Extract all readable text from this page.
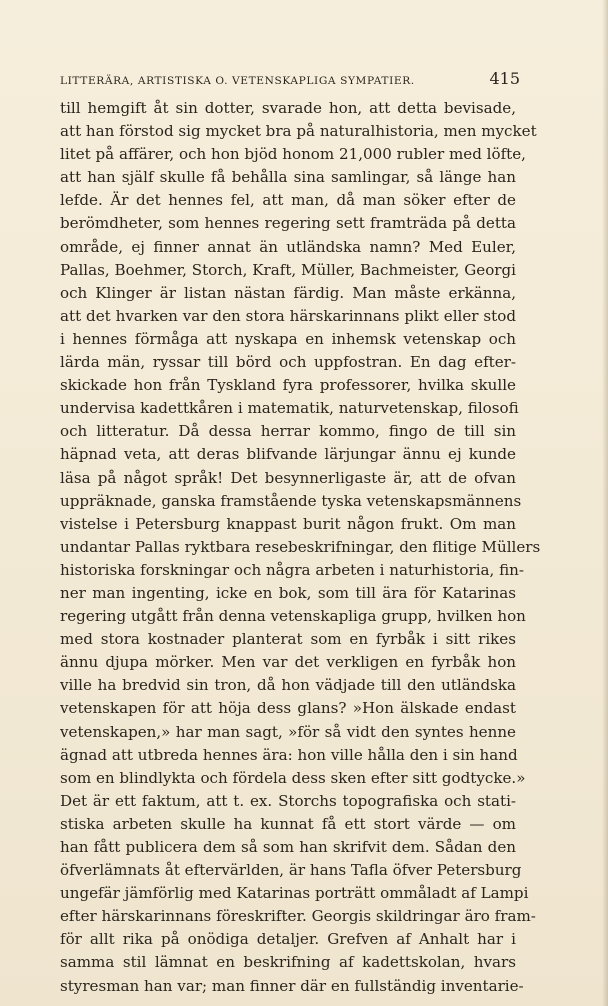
LITTERÄRA, ARTISTISKA O. VETENSKAPLIGA SYMPATIER.	415
till hemgift åt sin dotter, svarade hon, att detta bevisade,
att han förstod sig mycket bra på naturalhistoria, men mycket
litet på affärer, och hon bjöd honom 21,000 rubler med löfte,
att han själf skulle få behålla sina samlingar, så länge han
lefde. Är det hennes fel, att man, då man söker efter de
berömdheter, som hennes regering sett framträda på detta
område, ej finner annat än utländska namn? Med Euler,
Pallas, Boehmer, Storch, Kraft, Müller, Bachmeister, Georgi
och Klinger är listan nästan färdig. Man måste erkänna,
att det hvarken var den stora härskarinnans plikt eller stod
i hennes förmåga att nyskapa en inhemsk vetenskap och
lärda män, ryssar till börd och uppfostran. En dag efter-
skickade hon från Tyskland fyra professorer, hvilka skulle
undervisa kadettkåren i matematik, naturvetenskap, filosofi
och litteratur. Då dessa herrar kommo, fingo de till sin
häpnad veta, att deras blifvande lärjungar ännu ej kunde
läsa på något språk! Det besynnerligaste är, att de ofvan
uppräknade, ganska framstående tyska vetenskapsmännens
vistelse i Petersburg knappast burit någon frukt. Om man
undantar Pallas ryktbara resebeskrifningar, den flitige Müllers
historiska forskningar och några arbeten i naturhistoria, fin-
ner man ingenting, icke en bok, som till ära för Katarinas
regering utgått från denna vetenskapliga grupp, hvilken hon
med stora kostnader planterat som en fyrbåk i sitt rikes
ännu djupa mörker. Men var det verkligen en fyrbåk hon
ville ha bredvid sin tron, då hon vädjade till den utländska
vetenskapen för att höja dess glans? »Hon älskade endast
vetenskapen,» har man sagt, »för så vidt den syntes henne
ägnad att utbreda hennes ära: hon ville hålla den i sin hand
som en blindlykta och fördela dess sken efter sitt godtycke.»
Det är ett faktum, att t. ex. Storchs topografiska och stati-
stiska arbeten skulle ha kunnat få ett stort värde — om
han fått publicera dem så som han skrifvit dem. Sådan den
öfverlämnats åt eftervärlden, är hans Tafla öfver Petersburg
ungefär jämförlig med Katarinas porträtt ommåladt af Lampi
efter härskarinnans föreskrifter. Georgis skildringar äro fram-
för allt rika på onödiga detaljer. Grefven af Anhalt har i
samma stil lämnat en beskrifning af kadettskolan, hvars
styresman han var; man finner där en fullständig inventarie-
